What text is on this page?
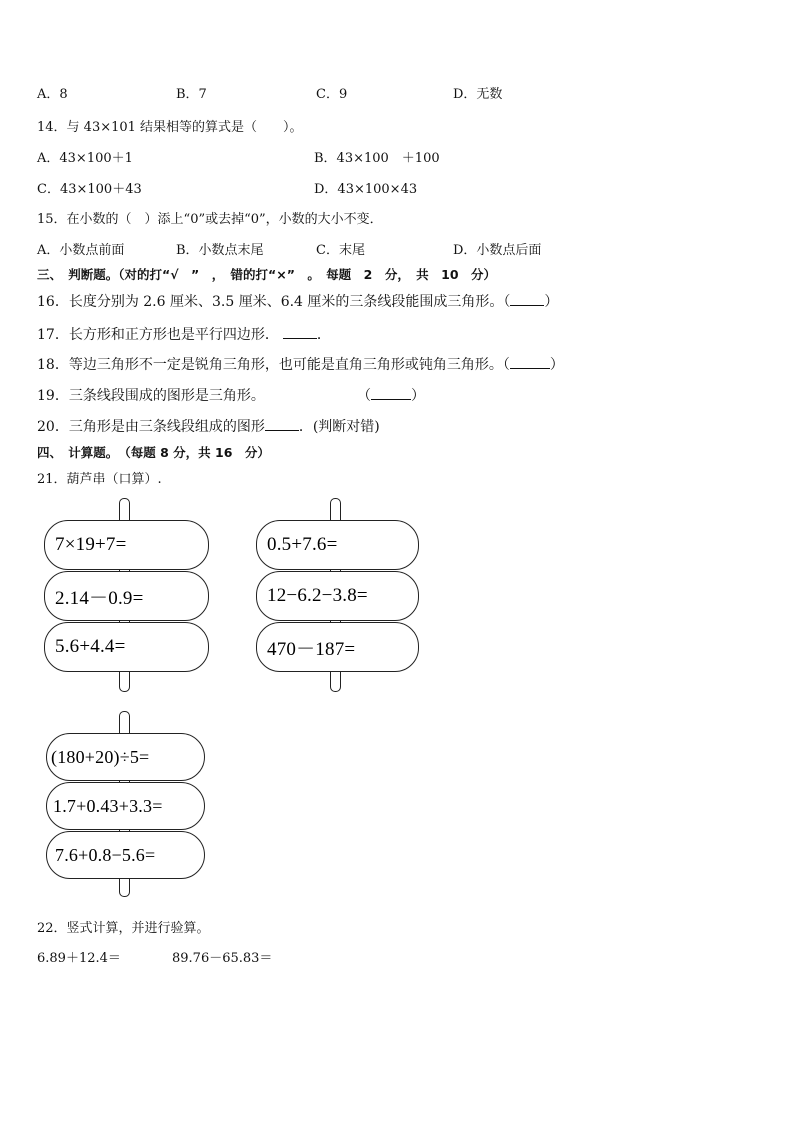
A．8	B．7	C．9	D．无数
14．与 43×101 结果相等的算式是（　　）。
A．43×100＋1	B．43×100　＋100
C．43×100＋43	D．43×100×43
15．在小数的（　）添上“0”或去掉“0”，小数的大小不变．
A．小数点前面	B．小数点末尾	C．末尾	D．小数点后面
三、　判断题。（对的打“√　”　，　错的打“×”　。　每题　2　分，　共　10　分）
16．长度分别为 2.6 厘米、3.5 厘米、6.4 厘米的三条线段能围成三角形。（ ）
17．长方形和正方形也是平行四边形．	．
18．等边三角形不一定是锐角三角形，也可能是直角三角形或钝角三角形。（	）
19．三条线段围成的图形是三角形。	（	）
20．三角形是由三条线段组成的图形 ．(判断对错)
四、　计算题。　（每题 8 分，共 16　分）
21．葫芦串（口算）.
7×19+7=
2.14－0.9=
5.6+4.4=
0.5+7.6=
12−6.2−3.8=
470－187=
(180+20)÷5=
1.7+0.43+3.3=
7.6+0.8−5.6=
22．竖式计算，并进行验算。
6.89＋12.4＝	89.76－65.83＝
